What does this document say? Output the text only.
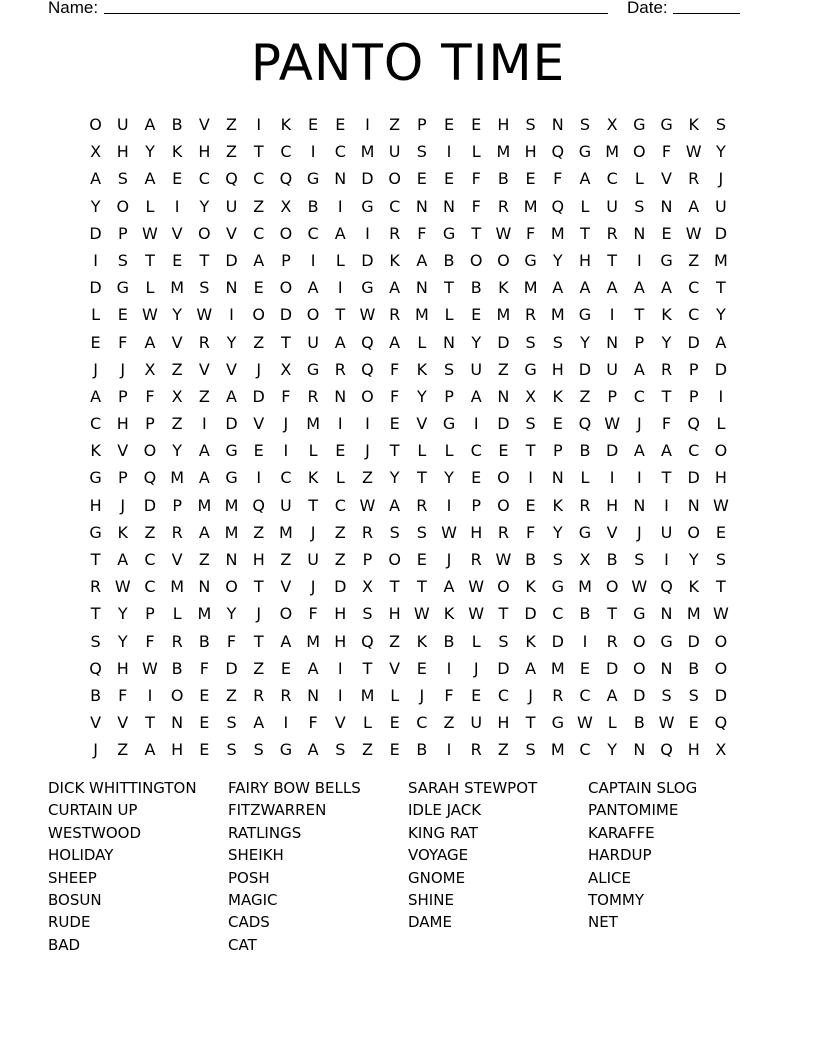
Name:	Date:
PANTO TIME
O U A	B	V	Z	I	K	E	E	I	Z	P	E	E	H	S	N	S	X G G K	S
X H	Y	K H Z	T	C	I	C M U	S	I	L M H Q G M O	F W Y
A	S	A	E	C Q C Q G N D O E	E	F	B	E	F	A	C	L	V	R	J
Y	O	L	I	Y	U Z	X	B	I	G C N N	F	R M Q	L	U	S	N A U
D	P W V O V	C O C	A	I	R	F	G	T W F M T	R N	E W D
I	S	T	E	T	D A	P	I	L	D K	A	B O O G	Y	H	T	I	G Z M
D G	L M S	N	E O A	I	G A N	T	B	K M A	A	A	A	A	C	T
L	E W Y W	I	O D O	T W R M L	E M R M G	I	T	K	C	Y
E	F	A	V	R	Y	Z	T	U A Q A	L	N	Y	D S	S	Y	N	P	Y	D A
J	J	X	Z	V	V	J	X G R Q	F	K	S	U Z G H D U A	R	P	D
A	P	F	X	Z	A D	F	R N O	F	Y	P	A N X	K	Z	P	C	T	P	I
C H	P	Z	I	D V	J	M	I	I	E	V G	I	D S	E Q W	J	F	Q	L
K	V O	Y	A G E	I	L	E	J	T	L	L	C	E	T	P	B D A	A	C O
G	P	Q M A G	I	C	K	L	Z	Y	T	Y	E O	I	N	L	I	I	T	D H
H	J	D	P M M Q U	T	C W A	R	I	P	O E	K	R H N	I	N W
G K	Z	R	A M Z M	J	Z	R	S	S W H R	F	Y	G V	J	U O E
T	A	C	V	Z N H Z U Z	P	O E	J	R W B	S	X	B	S	I	Y	S
R W C M N O	T	V	J	D X	T	T	A W O K G M O W Q K	T
T	Y	P	L M Y	J	O	F	H	S	H W K W T	D C	B	T	G N M W
S	Y	F	R	B	F	T	A M H Q Z	K	B	L	S	K D	I	R O G D O
Q H W B	F	D Z	E	A	I	T	V	E	I	J	D A M E D O N B O
B	F	I	O E	Z	R	R N	I	M L	J	F	E	C	J	R	C	A D S	S D
V	V	T	N	E	S	A	I	F	V	L	E	C	Z U H	T	G W L	B W E Q
J	Z	A H	E	S	S G A	S	Z	E	B	I	R	Z	S M C	Y	N Q H X
DICK WHITTINGTON
CURTAIN UP
WESTWOOD
HOLIDAY
SHEEP
BOSUN
RUDE
BAD
FAIRY BOW BELLS
FITZWARREN
RATLINGS
SHEIKH
POSH
MAGIC
CADS
CAT
SARAH STEWPOT
IDLE JACK
KING RAT
VOYAGE
GNOME
SHINE
DAME
CAPTAIN SLOG
PANTOMIME
KARAFFE
HARDUP
ALICE
TOMMY
NET
